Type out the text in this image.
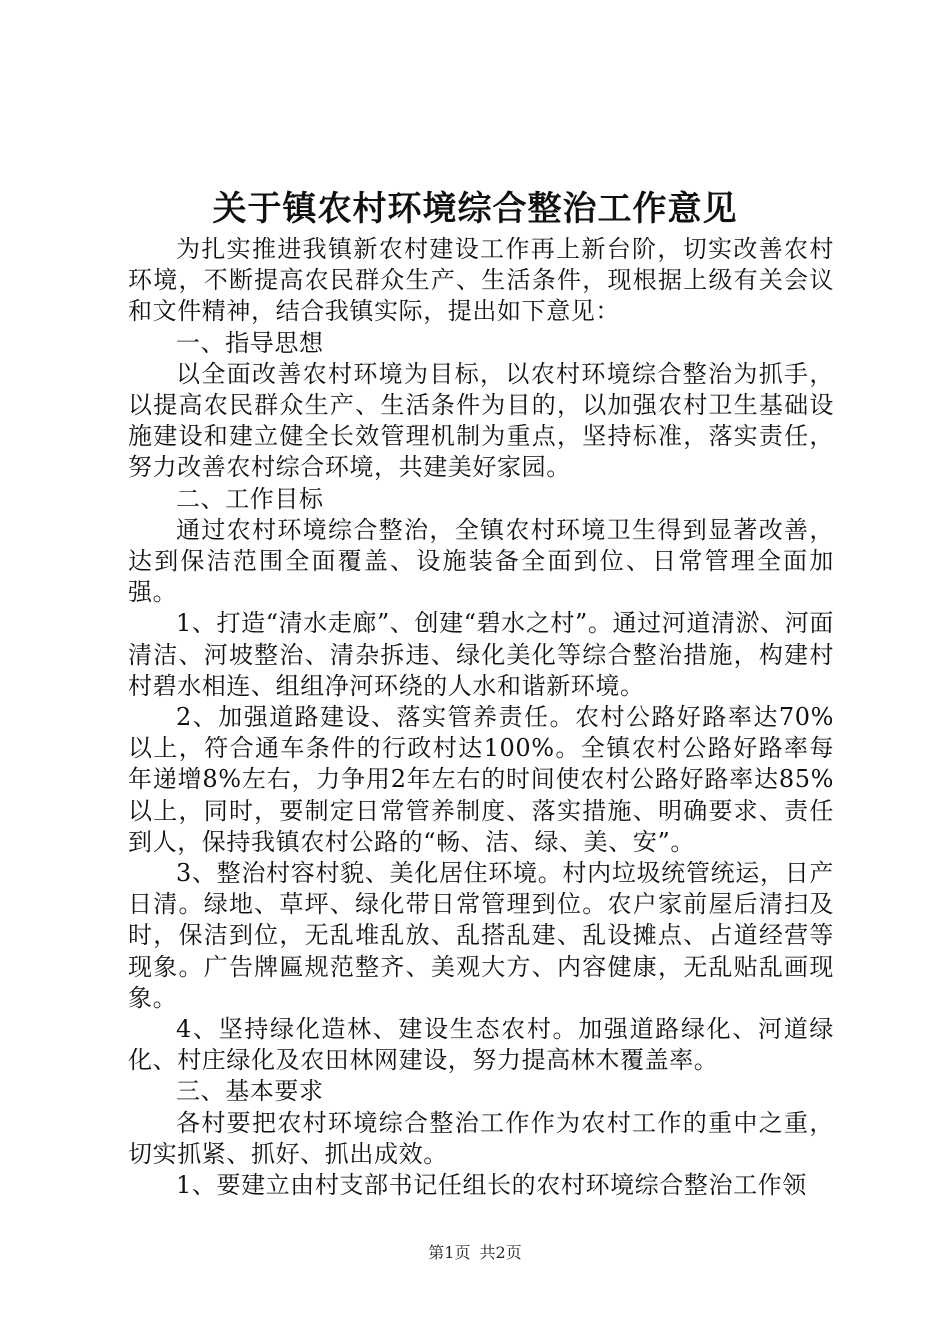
关于镇农村环境综合整治工作意见

为扎实推进我镇新农村建设工作再上新台阶，切实改善农村环境，不断提高农民群众生产、生活条件，现根据上级有关会议和文件精神，结合我镇实际，提出如下意见：

一、指导思想

以全面改善农村环境为目标，以农村环境综合整治为抓手，以提高农民群众生产、生活条件为目的，以加强农村卫生基础设施建设和建立健全长效管理机制为重点，坚持标准，落实责任，努力改善农村综合环境，共建美好家园。

二、工作目标

通过农村环境综合整治，全镇农村环境卫生得到显著改善，达到保洁范围全面覆盖、设施装备全面到位、日常管理全面加强。

1、打造“清水走廊”、创建“碧水之村”。通过河道清淤、河面清洁、河坡整治、清杂拆违、绿化美化等综合整治措施，构建村村碧水相连、组组净河环绕的人水和谐新环境。

2、加强道路建设、落实管养责任。农村公路好路率达70%以上，符合通车条件的行政村达100%。全镇农村公路好路率每年递增8%左右，力争用2年左右的时间使农村公路好路率达85%以上，同时，要制定日常管养制度、落实措施、明确要求、责任到人，保持我镇农村公路的“畅、洁、绿、美、安”。

3、整治村容村貌、美化居住环境。村内垃圾统管统运，日产日清。绿地、草坪、绿化带日常管理到位。农户家前屋后清扫及时，保洁到位，无乱堆乱放、乱搭乱建、乱设摊点、占道经营等现象。广告牌匾规范整齐、美观大方、内容健康，无乱贴乱画现象。

4、坚持绿化造林、建设生态农村。加强道路绿化、河道绿化、村庄绿化及农田林网建设，努力提高林木覆盖率。

三、基本要求

各村要把农村环境综合整治工作作为农村工作的重中之重，切实抓紧、抓好、抓出成效。

1、要建立由村支部书记任组长的农村环境综合整治工作领

第1页 共2页
